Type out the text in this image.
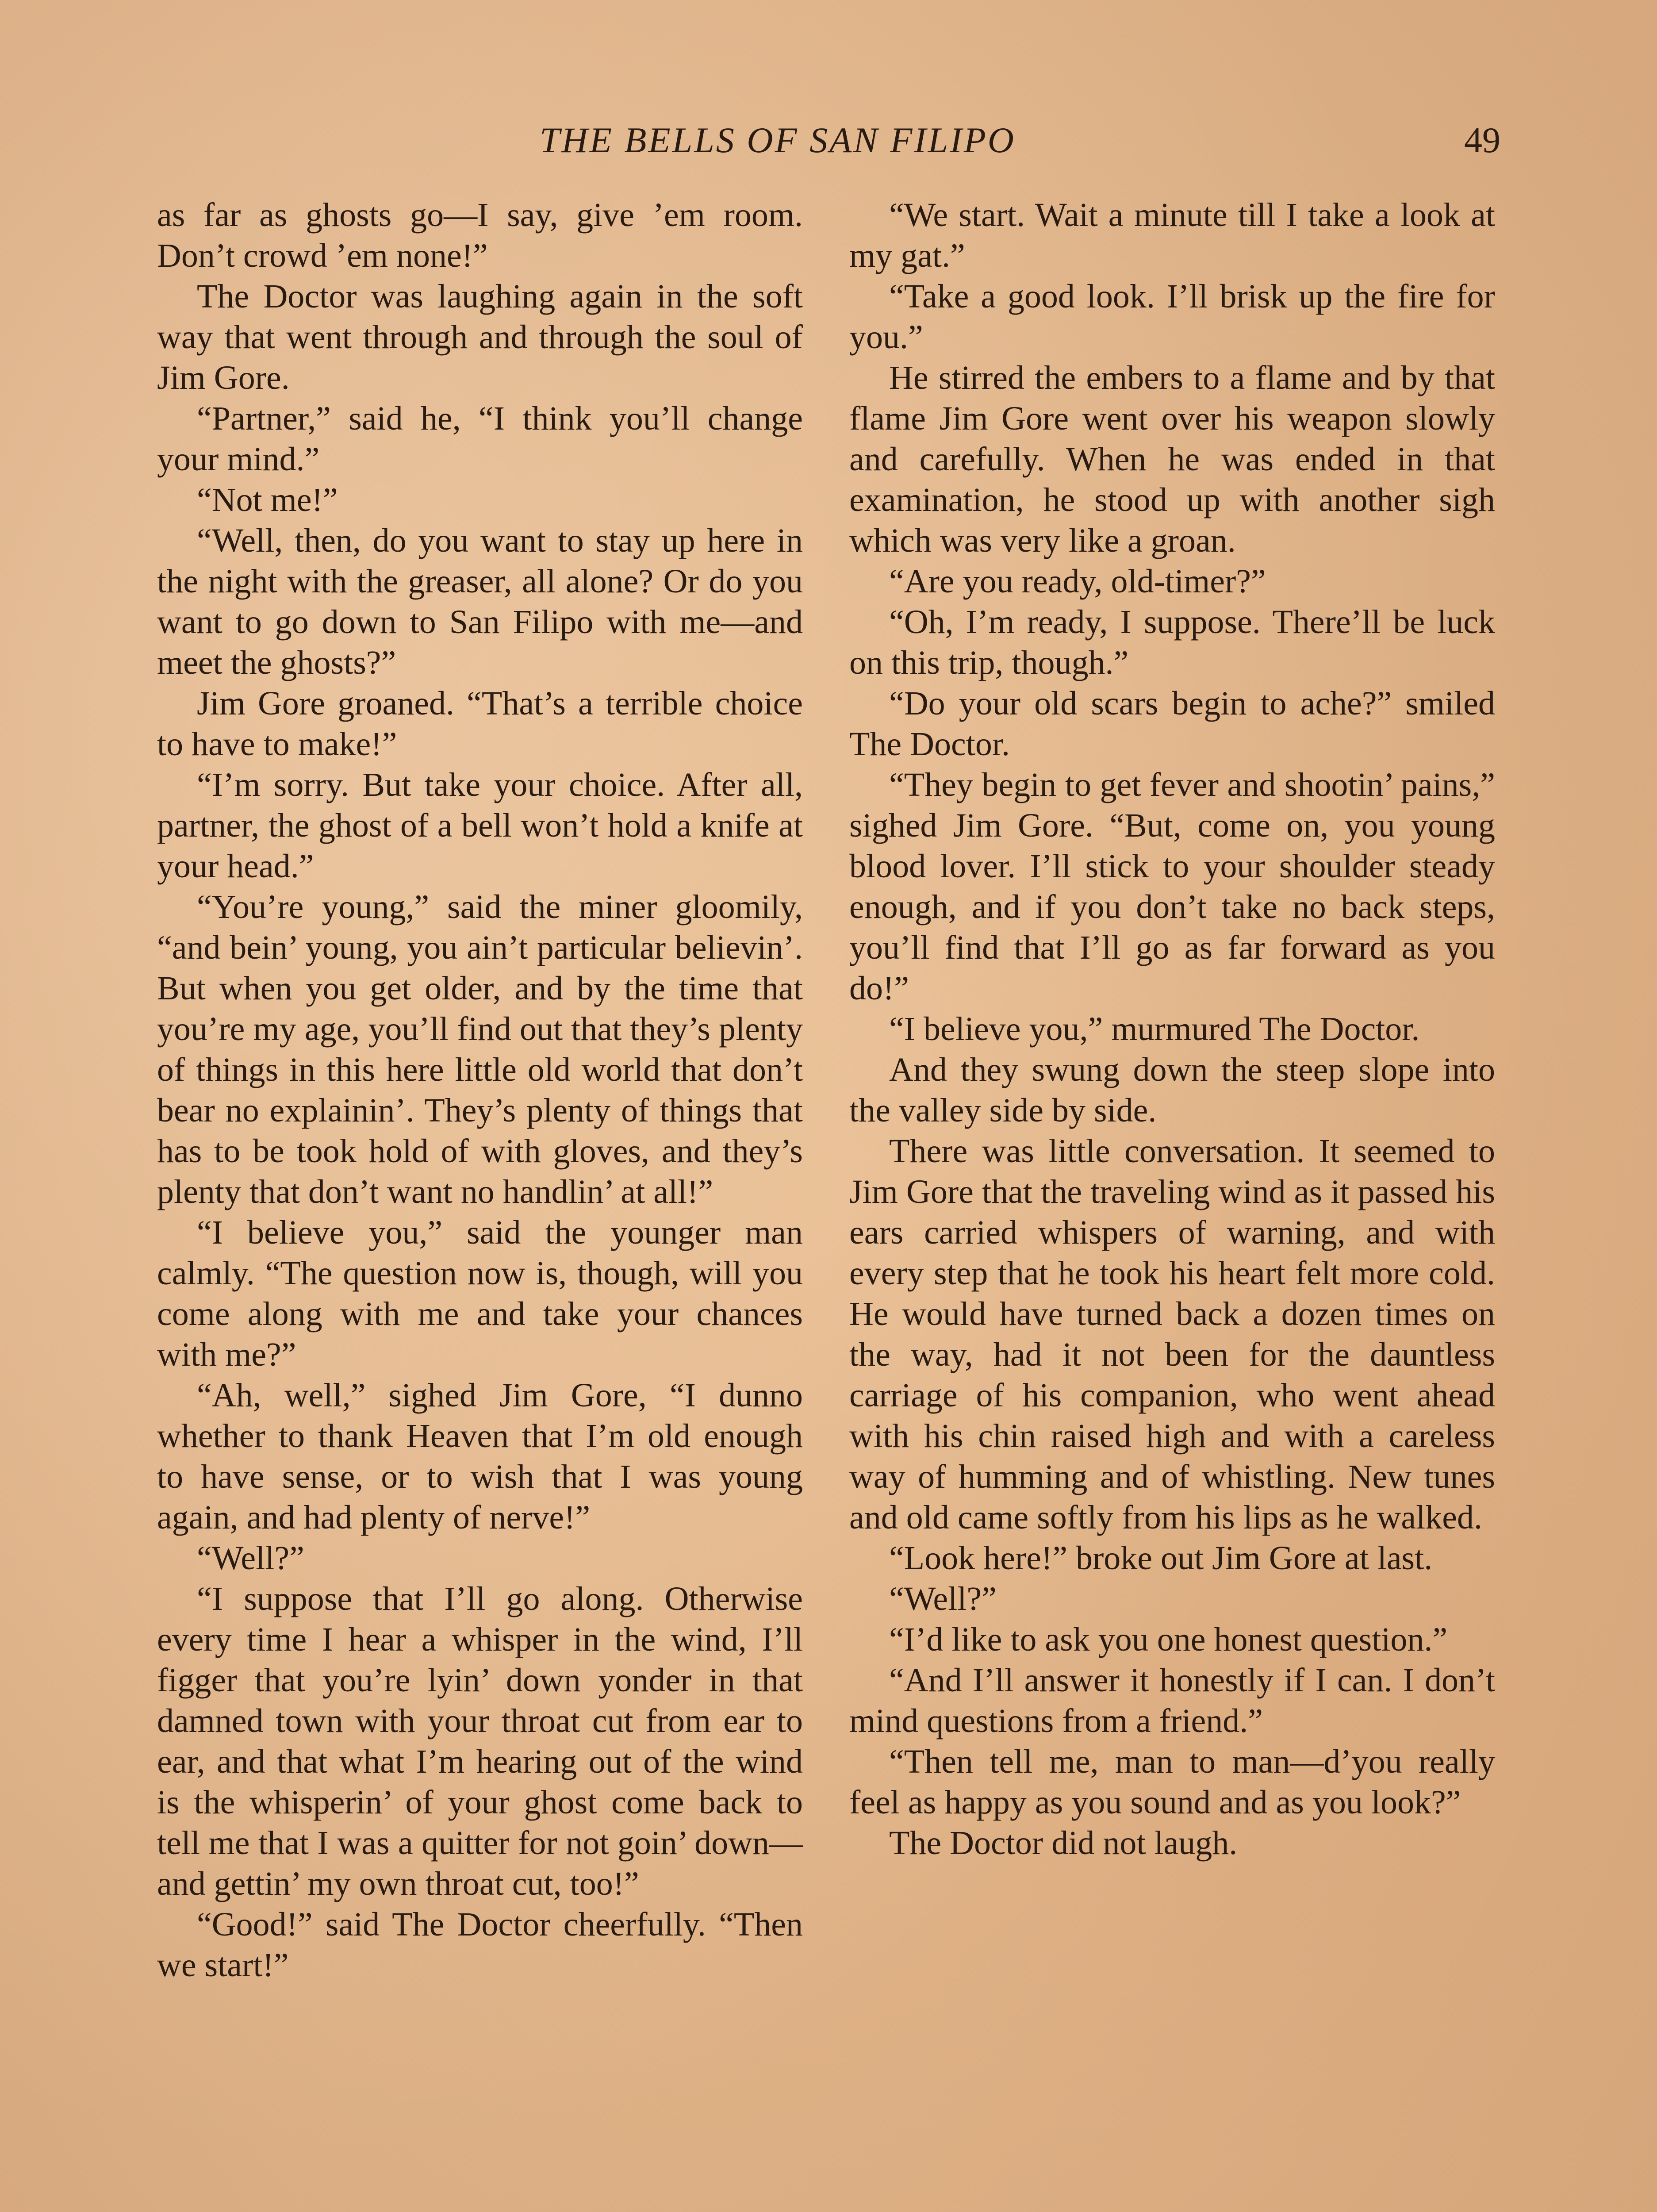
THE BELLS OF SAN FILIPO	49

as far as ghosts go—I say, give ’em room. Don’t crowd ’em none!”

The Doctor was laughing again in the soft way that went through and through the soul of Jim Gore.

“Partner,” said he, “I think you’ll change your mind.”

“Not me!”

“Well, then, do you want to stay up here in the night with the greaser, all alone? Or do you want to go down to San Filipo with me—and meet the ghosts?”

Jim Gore groaned. “That’s a terrible choice to have to make!”

“I’m sorry. But take your choice. After all, partner, the ghost of a bell won’t hold a knife at your head.”

“You’re young,” said the miner gloomily, “and bein’ young, you ain’t particular believin’. But when you get older, and by the time that you’re my age, you’ll find out that they’s plenty of things in this here little old world that don’t bear no explainin’. They’s plenty of things that has to be took hold of with gloves, and they’s plenty that don’t want no handlin’ at all!”

“I believe you,” said the younger man calmly. “The question now is, though, will you come along with me and take your chances with me?”

“Ah, well,” sighed Jim Gore, “I dunno whether to thank Heaven that I’m old enough to have sense, or to wish that I was young again, and had plenty of nerve!”

“Well?”

“I suppose that I’ll go along. Otherwise every time I hear a whisper in the wind, I’ll figger that you’re lyin’ down yonder in that damned town with your throat cut from ear to ear, and that what I’m hearing out of the wind is the whisperin’ of your ghost come back to tell me that I was a quitter for not goin’ down—and gettin’ my own throat cut, too!”

“Good!” said The Doctor cheerfully. “Then we start!”

“We start. Wait a minute till I take a look at my gat.”

“Take a good look. I’ll brisk up the fire for you.”

He stirred the embers to a flame and by that flame Jim Gore went over his weapon slowly and carefully. When he was ended in that examination, he stood up with another sigh which was very like a groan.

“Are you ready, old-timer?”

“Oh, I’m ready, I suppose. There’ll be luck on this trip, though.”

“Do your old scars begin to ache?” smiled The Doctor.

“They begin to get fever and shootin’ pains,” sighed Jim Gore. “But, come on, you young blood lover. I’ll stick to your shoulder steady enough, and if you don’t take no back steps, you’ll find that I’ll go as far forward as you do!”

“I believe you,” murmured The Doctor.

And they swung down the steep slope into the valley side by side.

There was little conversation. It seemed to Jim Gore that the traveling wind as it passed his ears carried whispers of warning, and with every step that he took his heart felt more cold. He would have turned back a dozen times on the way, had it not been for the dauntless carriage of his companion, who went ahead with his chin raised high and with a careless way of humming and of whistling. New tunes and old came softly from his lips as he walked.

“Look here!” broke out Jim Gore at last.

“Well?”

“I’d like to ask you one honest question.”

“And I’ll answer it honestly if I can. I don’t mind questions from a friend.”

“Then tell me, man to man—d’you really feel as happy as you sound and as you look?”

The Doctor did not laugh.
